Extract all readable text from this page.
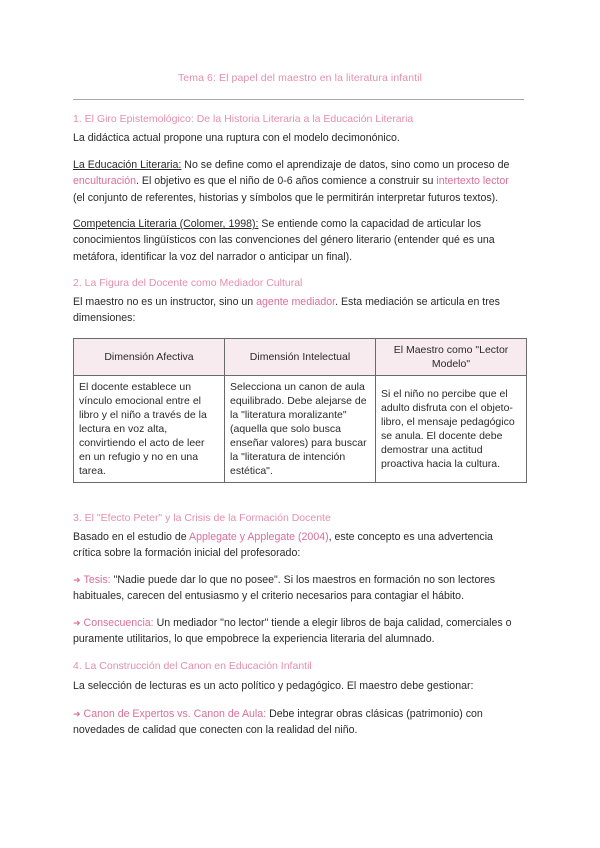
Tema 6: El papel del maestro en la literatura infantil
1. El Giro Epistemológico: De la Historia Literaria a la Educación Literaria
La didáctica actual propone una ruptura con el modelo decimonónico.
La Educación Literaria: No se define como el aprendizaje de datos, sino como un proceso de
enculturación. El objetivo es que el niño de 0-6 años comience a construir su intertexto lector
(el conjunto de referentes, historias y símbolos que le permitirán interpretar futuros textos).
Competencia Literaria (Colomer, 1998): Se entiende como la capacidad de articular los
conocimientos lingüísticos con las convenciones del género literario (entender qué es una
metáfora, identificar la voz del narrador o anticipar un final).
2. La Figura del Docente como Mediador Cultural
El maestro no es un instructor, sino un agente mediador. Esta mediación se articula en tres
dimensiones:
Dimensión Afectiva	Dimensión Intelectual	El Maestro como "Lector Modelo"
El docente establece un vínculo emocional entre el libro y el niño a través de la lectura en voz alta, convirtiendo el acto de leer en un refugio y no en una tarea.	Selecciona un canon de aula equilibrado. Debe alejarse de la "literatura moralizante" (aquella que solo busca enseñar valores) para buscar la "literatura de intención estética".	Si el niño no percibe que el adulto disfruta con el objeto-libro, el mensaje pedagógico se anula. El docente debe demostrar una actitud proactiva hacia la cultura.
3. El "Efecto Peter" y la Crisis de la Formación Docente
Basado en el estudio de Applegate y Applegate (2004), este concepto es una advertencia
crítica sobre la formación inicial del profesorado:
➜ Tesis: "Nadie puede dar lo que no posee". Si los maestros en formación no son lectores
habituales, carecen del entusiasmo y el criterio necesarios para contagiar el hábito.
➜ Consecuencia: Un mediador "no lector" tiende a elegir libros de baja calidad, comerciales o
puramente utilitarios, lo que empobrece la experiencia literaria del alumnado.
4. La Construcción del Canon en Educación Infantil
La selección de lecturas es un acto político y pedagógico. El maestro debe gestionar:
➜ Canon de Expertos vs. Canon de Aula: Debe integrar obras clásicas (patrimonio) con
novedades de calidad que conecten con la realidad del niño.
